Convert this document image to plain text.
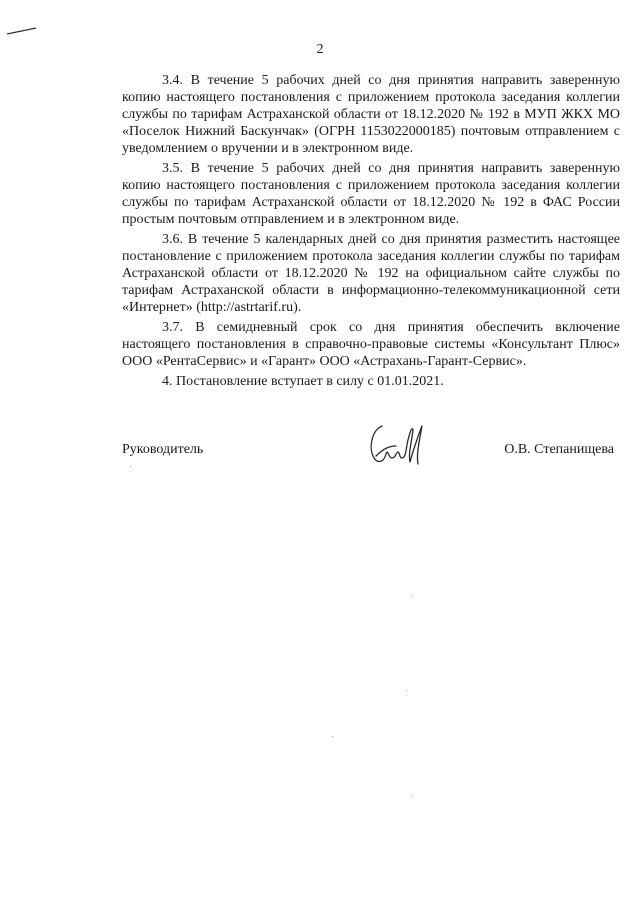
2

3.4. В течение 5 рабочих дней со дня принятия направить заверенную копию настоящего постановления с приложением протокола заседания коллегии службы по тарифам Астраханской области от 18.12.2020 № 192 в МУП ЖКХ МО «Поселок Нижний Баскунчак» (ОГРН 1153022000185) почтовым отправлением с уведомлением о вручении и в электронном виде.

3.5. В течение 5 рабочих дней со дня принятия направить заверенную копию настоящего постановления с приложением протокола заседания коллегии службы по тарифам Астраханской области от 18.12.2020 № 192 в ФАС России простым почтовым отправлением и в электронном виде.

3.6. В течение 5 календарных дней со дня принятия разместить настоящее постановление с приложением протокола заседания коллегии службы по тарифам Астраханской области от 18.12.2020 № 192 на официальном сайте службы по тарифам Астраханской области в информационно-телекоммуникационной сети «Интернет» (http://astrtarif.ru).

3.7. В семидневный срок со дня принятия обеспечить включение настоящего постановления в справочно-правовые системы «Консультант Плюс» ООО «РентаСервис» и «Гарант» ООО «Астрахань-Гарант-Сервис».

4. Постановление вступает в силу с 01.01.2021.

Руководитель	О.В. Степанищева
